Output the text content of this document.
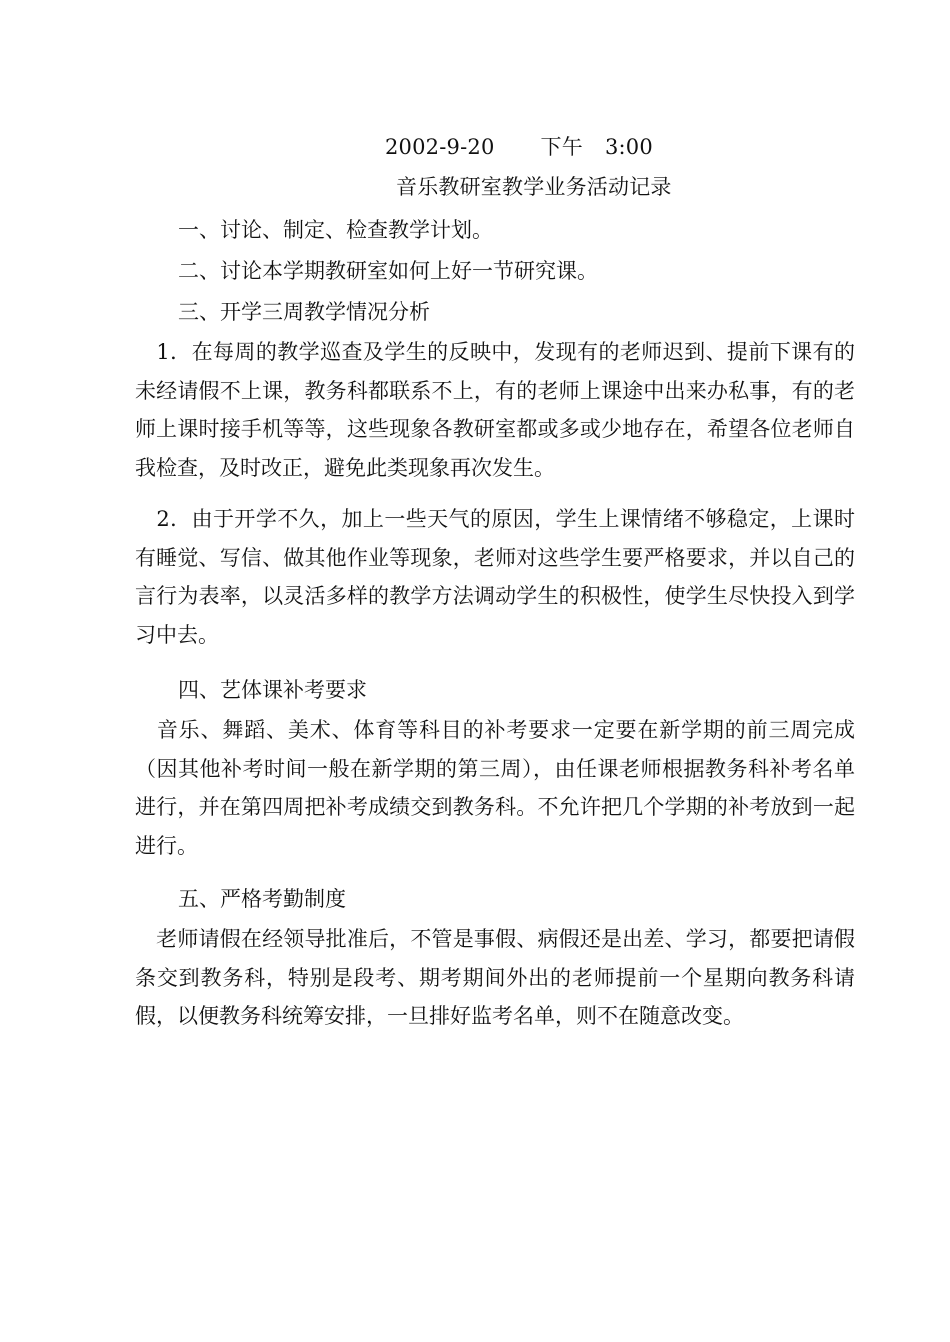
2002-9-20 下午 3:00
音乐教研室教学业务活动记录
一、讨论、制定、检查教学计划。
二、讨论本学期教研室如何上好一节研究课。
三、开学三周教学情况分析
　1．在每周的教学巡查及学生的反映中，发现有的老师迟到、提前下课有的未经请假不上课，教务科都联系不上，有的老师上课途中出来办私事，有的老师上课时接手机等等，这些现象各教研室都或多或少地存在，希望各位老师自我检查，及时改正，避免此类现象再次发生。
　2．由于开学不久，加上一些天气的原因，学生上课情绪不够稳定，上课时有睡觉、写信、做其他作业等现象，老师对这些学生要严格要求，并以自己的言行为表率，以灵活多样的教学方法调动学生的积极性，使学生尽快投入到学习中去。
四、艺体课补考要求
　音乐、舞蹈、美术、体育等科目的补考要求一定要在新学期的前三周完成（因其他补考时间一般在新学期的第三周），由任课老师根据教务科补考名单进行，并在第四周把补考成绩交到教务科。不允许把几个学期的补考放到一起进行。
五、严格考勤制度
　老师请假在经领导批准后，不管是事假、病假还是出差、学习，都要把请假条交到教务科，特别是段考、期考期间外出的老师提前一个星期向教务科请假，以便教务科统筹安排，一旦排好监考名单，则不在随意改变。
